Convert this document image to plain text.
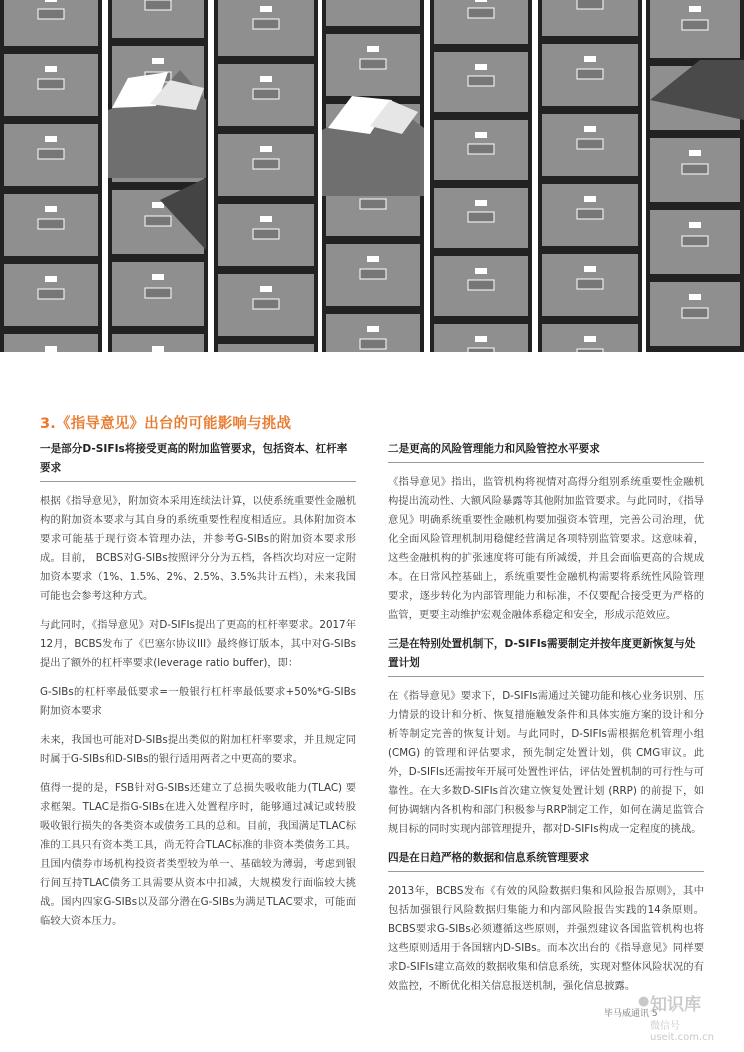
3.《指导意见》出台的可能影响与挑战
一是部分D-SIFIs将接受更高的附加监管要求，包括资本、杠杆率要求

根据《指导意见》，附加资本采用连续法计算，以使系统重要性金融机构的附加资本要求与其自身的系统重要性程度相适应。具体附加资本要求可能基于现行资本管理办法，并参考G-SIBs的附加资本要求形成。目前， BCBS对G-SIBs按照评分分为五档，各档次均对应一定附加资本要求（1%、1.5%、2%、2.5%、3.5%共计五档），未来我国可能也会参考这种方式。

与此同时，《指导意见》对D-SIFIs提出了更高的杠杆率要求。2017年12月，BCBS发布了《巴塞尔协议III》最终修订版本，其中对G-SIBs提出了额外的杠杆率要求(leverage ratio buffer)，即：

G-SIBs的杠杆率最低要求=一般银行杠杆率最低要求+50%*G-SIBs附加资本要求

未来，我国也可能对D-SIBs提出类似的附加杠杆率要求，并且规定同时属于G-SIBs和D-SIBs的银行适用两者之中更高的要求。

值得一提的是，FSB针对G-SIBs还建立了总损失吸收能力(TLAC) 要求框架。TLAC是指G-SIBs在进入处置程序时，能够通过减记或转股吸收银行损失的各类资本或债务工具的总和。目前，我国满足TLAC标准的工具只有资本类工具，尚无符合TLAC标准的非资本类债务工具。且国内债券市场机构投资者类型较为单一、基础较为薄弱，考虑到银行间互持TLAC债务工具需要从资本中扣减，大规模发行面临较大挑战。国内四家G-SIBs以及部分潜在G-SIBs为满足TLAC要求，可能面临较大资本压力。

二是更高的风险管理能力和风险管控水平要求

《指导意见》指出，监管机构将视情对高得分组别系统重要性金融机构提出流动性、大额风险暴露等其他附加监管要求。与此同时，《指导意见》明确系统重要性金融机构要加强资本管理，完善公司治理，优化全面风险管理机制用稳健经营满足各项特别监管要求。这意味着，这些金融机构的扩张速度将可能有所减缓，并且会面临更高的合规成本。在日常风控基础上，系统重要性金融机构需要将系统性风险管理要求，逐步转化为内部管理能力和标准，不仅要配合接受更为严格的监管，更要主动维护宏观金融体系稳定和安全，形成示范效应。

三是在特别处置机制下，D-SIFIs需要制定并按年度更新恢复与处置计划

在《指导意见》要求下，D-SIFIs需通过关键功能和核心业务识别、压力情景的设计和分析、恢复措施触发条件和具体实施方案的设计和分析等制定完善的恢复计划。与此同时，D-SIFIs需根据危机管理小组 (CMG) 的管理和评估要求，预先制定处置计划，供 CMG审议。此外，D-SIFIs还需按年开展可处置性评估，评估处置机制的可行性与可靠性。在大多数D-SIFIs首次建立恢复处置计划 (RRP) 的前提下，如何协调辖内各机构和部门积极参与RRP制定工作，如何在满足监管合规目标的同时实现内部管理提升，都对D-SIFIs构成一定程度的挑战。

四是在日趋严格的数据和信息系统管理要求

2013年，BCBS发布《有效的风险数据归集和风险报告原则》，其中包括加强银行风险数据归集能力和内部风险报告实践的14条原则。BCBS要求G-SIBs必须遵循这些原则，并强烈建议各国监管机构也将这些原则适用于各国辖内D-SIBs。而本次出台的《指导意见》同样要求D-SIFIs建立高效的数据收集和信息系统，实现对整体风险状况的有效监控，不断优化相关信息报送机制，强化信息披露。

毕马威通讯 5
● 知识库
微信号 useit.com.cn
